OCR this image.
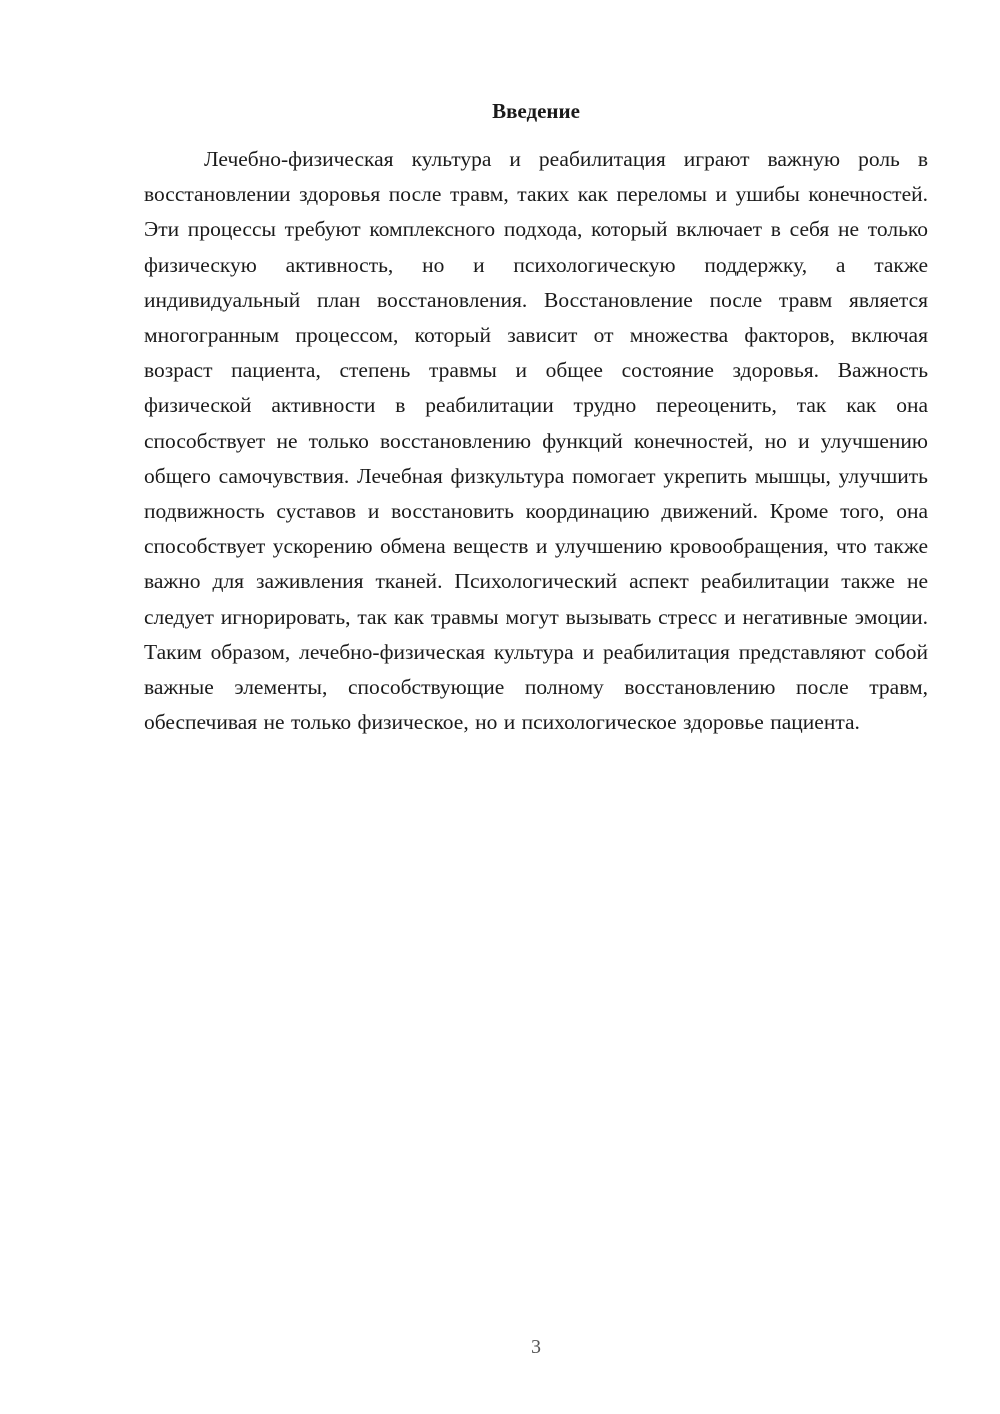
Введение

Лечебно-физическая культура и реабилитация играют важную роль в восстановлении здоровья после травм, таких как переломы и ушибы конечностей. Эти процессы требуют комплексного подхода, который включает в себя не только физическую активность, но и психологическую поддержку, а также индивидуальный план восстановления. Восстановление после травм является многогранным процессом, который зависит от множества факторов, включая возраст пациента, степень травмы и общее состояние здоровья. Важность физической активности в реабилитации трудно переоценить, так как она способствует не только восстановлению функций конечностей, но и улучшению общего самочувствия. Лечебная физкультура помогает укрепить мышцы, улучшить подвижность суставов и восстановить координацию движений. Кроме того, она способствует ускорению обмена веществ и улучшению кровообращения, что также важно для заживления тканей. Психологический аспект реабилитации также не следует игнорировать, так как травмы могут вызывать стресс и негативные эмоции. Таким образом, лечебно-физическая культура и реабилитация представляют собой важные элементы, способствующие полному восстановлению после травм, обеспечивая не только физическое, но и психологическое здоровье пациента.

3
